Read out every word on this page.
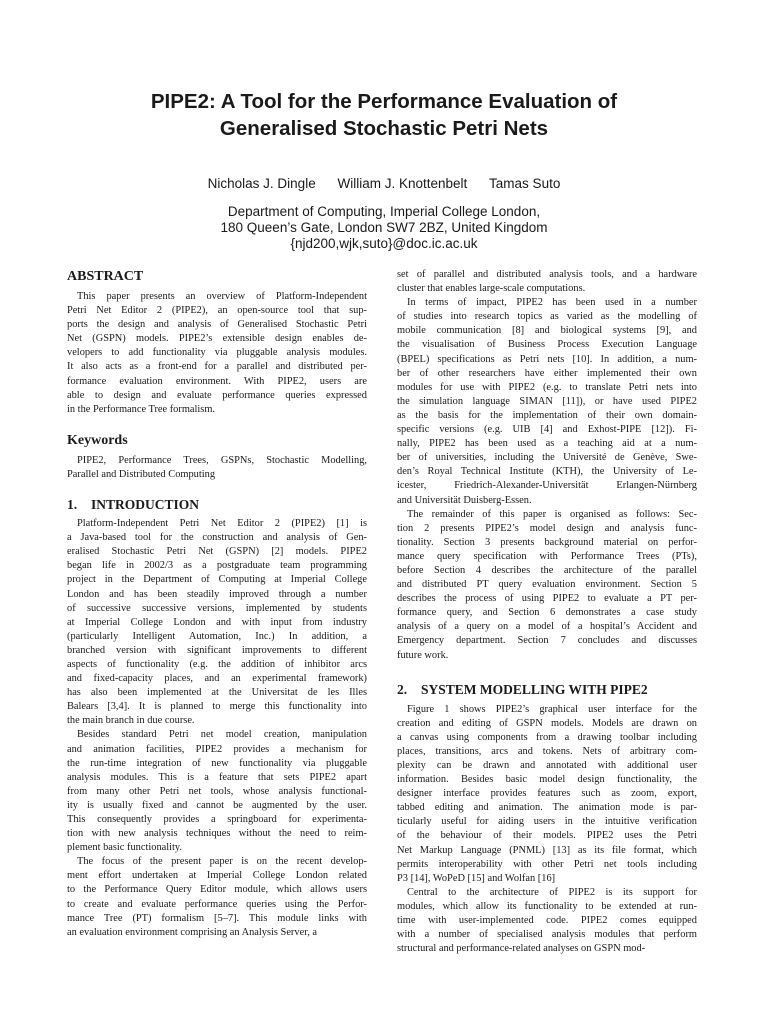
PIPE2: A Tool for the Performance Evaluation of
Generalised Stochastic Petri Nets
Nicholas J. Dingle William J. Knottenbelt Tamas Suto
Department of Computing, Imperial College London,
180 Queen’s Gate, London SW7 2BZ, United Kingdom
{njd200,wjk,suto}@doc.ic.ac.uk
ABSTRACT
This paper presents an overview of Platform-Independent
Petri Net Editor 2 (PIPE2), an open-source tool that sup-
ports the design and analysis of Generalised Stochastic Petri
Net (GSPN) models. PIPE2’s extensible design enables de-
velopers to add functionality via pluggable analysis modules.
It also acts as a front-end for a parallel and distributed per-
formance evaluation environment. With PIPE2, users are
able to design and evaluate performance queries expressed
in the Performance Tree formalism.
Keywords
PIPE2, Performance Trees, GSPNs, Stochastic Modelling,
Parallel and Distributed Computing
1. INTRODUCTION
Platform-Independent Petri Net Editor 2 (PIPE2) [1] is
a Java-based tool for the construction and analysis of Gen-
eralised Stochastic Petri Net (GSPN) [2] models. PIPE2
began life in 2002/3 as a postgraduate team programming
project in the Department of Computing at Imperial College
London and has been steadily improved through a number
of successive successive versions, implemented by students
at Imperial College London and with input from industry
(particularly Intelligent Automation, Inc.) In addition, a
branched version with significant improvements to different
aspects of functionality (e.g. the addition of inhibitor arcs
and fixed-capacity places, and an experimental framework)
has also been implemented at the Universitat de les Illes
Balears [3,4]. It is planned to merge this functionality into
the main branch in due course.
Besides standard Petri net model creation, manipulation
and animation facilities, PIPE2 provides a mechanism for
the run-time integration of new functionality via pluggable
analysis modules. This is a feature that sets PIPE2 apart
from many other Petri net tools, whose analysis functional-
ity is usually fixed and cannot be augmented by the user.
This consequently provides a springboard for experimenta-
tion with new analysis techniques without the need to reim-
plement basic functionality.
The focus of the present paper is on the recent develop-
ment effort undertaken at Imperial College London related
to the Performance Query Editor module, which allows users
to create and evaluate performance queries using the Perfor-
mance Tree (PT) formalism [5–7]. This module links with
an evaluation environment comprising an Analysis Server, a
set of parallel and distributed analysis tools, and a hardware
cluster that enables large-scale computations.
In terms of impact, PIPE2 has been used in a number
of studies into research topics as varied as the modelling of
mobile communication [8] and biological systems [9], and
the visualisation of Business Process Execution Language
(BPEL) specifications as Petri nets [10]. In addition, a num-
ber of other researchers have either implemented their own
modules for use with PIPE2 (e.g. to translate Petri nets into
the simulation language SIMAN [11]), or have used PIPE2
as the basis for the implementation of their own domain-
specific versions (e.g. UIB [4] and Exhost-PIPE [12]). Fi-
nally, PIPE2 has been used as a teaching aid at a num-
ber of universities, including the Université de Genève, Swe-
den’s Royal Technical Institute (KTH), the University of Le-
icester, Friedrich-Alexander-Universität Erlangen-Nürnberg
and Universität Duisberg-Essen.
The remainder of this paper is organised as follows: Sec-
tion 2 presents PIPE2’s model design and analysis func-
tionality. Section 3 presents background material on perfor-
mance query specification with Performance Trees (PTs),
before Section 4 describes the architecture of the parallel
and distributed PT query evaluation environment. Section 5
describes the process of using PIPE2 to evaluate a PT per-
formance query, and Section 6 demonstrates a case study
analysis of a query on a model of a hospital’s Accident and
Emergency department. Section 7 concludes and discusses
future work.
2. SYSTEM MODELLING WITH PIPE2
Figure 1 shows PIPE2’s graphical user interface for the
creation and editing of GSPN models. Models are drawn on
a canvas using components from a drawing toolbar including
places, transitions, arcs and tokens. Nets of arbitrary com-
plexity can be drawn and annotated with additional user
information. Besides basic model design functionality, the
designer interface provides features such as zoom, export,
tabbed editing and animation. The animation mode is par-
ticularly useful for aiding users in the intuitive verification
of the behaviour of their models. PIPE2 uses the Petri
Net Markup Language (PNML) [13] as its file format, which
permits interoperability with other Petri net tools including
P3 [14], WoPeD [15] and Wolfan [16]
Central to the architecture of PIPE2 is its support for
modules, which allow its functionality to be extended at run-
time with user-implemented code. PIPE2 comes equipped
with a number of specialised analysis modules that perform
structural and performance-related analyses on GSPN mod-
